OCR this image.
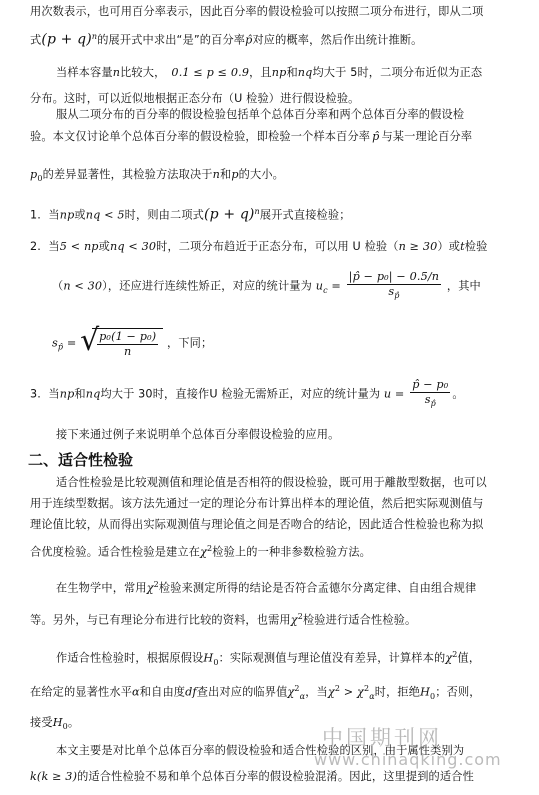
用次数表示，也可用百分率表示，因此百分率的假设检验可以按照二项分布进行，即从二项
式$(p + q)^n$的展开式中求出“是”的百分率p̂对应的概率，然后作出统计推断。
当样本容量n比较大， 0.1 ≤ p ≤ 0.9，且np和nq均大于 5时，二项分布近似为正态
分布。这时，可以近似地根据正态分布（U 检验）进行假设检验。
服从二项分布的百分率的假设检验包括单个总体百分率和两个总体百分率的假设检
验。本文仅讨论单个总体百分率的假设检验，即检验一个样本百分率 p̂ 与某一理论百分率
$p_0$的差异显著性，其检验方法取决于n和p的大小。
1. 当np或nq < 5时，则由二项式$(p + q)^n$展开式直接检验；
2. 当5 < np或nq < 30时，二项分布趋近于正态分布，可以用 U 检验（n ≥ 30）或t检验
（n < 30），还应进行连续性矫正，对应的统计量为 $u_c = \frac{\text{|p̂ − p₀| − 0.5/n}}{s_{p̂}}$ ，其中
$s_{p̂}$ = √
$\frac{\text{p₀(1 − p₀)}}{n}$ ，下同；
3. 当np和nq均大于 30时，直接作U 检验无需矫正，对应的统计量为 $u = \frac{\text{p̂ − p₀}}{s_{p̂}}$ 。
接下来通过例子来说明单个总体百分率假设检验的应用。
二、适合性检验
适合性检验是比较观测值和理论值是否相符的假设检验，既可用于離散型数据，也可以
用于连续型数据。该方法先通过一定的理论分布计算出样本的理论值，然后把实际观测值与
理论值比较，从而得出实际观测值与理论值之间是否吻合的结论，因此适合性检验也称为拟
合优度检验。适合性检验是建立在$\chi^2$检验上的一种非参数检验方法。
在生物学中，常用$\chi^2$检验来测定所得的结论是否符合孟德尔分离定律、自由组合规律
等。另外，与已有理论分布进行比较的资料，也需用$\chi^2$检验进行适合性检验。
作适合性检验时，根据原假设$H_0$：实际观测值与理论值没有差异，计算样本的$\chi^2$值，
在给定的显著性水平α和自由度df查出对应的临界值$\chi^2_\alpha$，当$\chi^2 > \chi^2_\alpha$时，拒绝$H_0$；否则，
接受$H_0$。
本文主要是对比单个总体百分率的假设检验和适合性检验的区别，由于属性类别为
k(k ≥ 3)的适合性检验不易和单个总体百分率的假设检验混淆。因此，这里提到的适合性
中国期刊网
www.chinaqking.com
